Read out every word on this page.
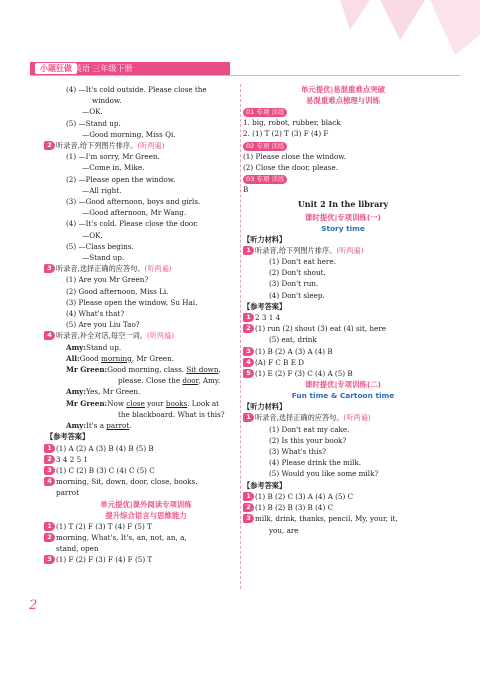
小题狂做 英语 三年级下册
(4) —It's cold outside. Please close the
window.
—OK.
(5) —Stand up.
—Good morning, Miss Qi.
2 听录音,给下列图片排序。(听两遍)
(1) —I'm sorry, Mr Green.
—Come in, Mike.
(2) —Please open the window.
—All right.
(3) —Good afternoon, boys and girls.
—Good afternoon, Mr Wang.
(4) —It's cold. Please close the door.
—OK.
(5) —Class begins.
—Stand up.
3 听录音,选择正确的应答句。(听两遍)
(1) Are you Mr Green?
(2) Good afternoon, Miss Li.
(3) Please open the window, Su Hai.
(4) What's that?
(5) Are you Liu Tao?
4 听录音,补全对话,每空一词。(听两遍)
Amy:Stand up.
All:Good morning, Mr Green.
Mr Green:Good morning, class. Sit down,
please. Close the door, Amy.
Amy:Yes, Mr Green.
Mr Green:Now close your books. Look at
the blackboard. What is this?
Amy:It's a parrot.
【参考答案】
1 (1) A (2) A (3) B (4) B (5) B
2 3 4 2 5 1
3 (1) C (2) B (3) C (4) C (5) C
4 morning, Sit, down, door, close, books,
parrot
单元提优|课外阅读专项训练
提升综合语言与思维能力
1 (1) T (2) F (3) T (4) F (5) T
2 morning, What's, It's, an, not, an, a,
stand, open
3 (1) F (2) F (3) F (4) F (5) T
单元提优|易混重难点突破
易混重难点梳理与训练
01 专项 训练
1. big, robot, rubber, black
2. (1) T (2) T (3) F (4) F
02 专项 训练
(1) Please close the window.
(2) Close the door, please.
03 专项 训练
B
Unit 2 In the library
课时提优|专项训练(一)
Story time
【听力材料】
1 听录音,给下列图片排序。(听两遍)
(1) Don't eat here.
(2) Don't shout.
(3) Don't run.
(4) Don't sleep.
【参考答案】
1 2 3 1 4
2 (1) run (2) shout (3) eat (4) sit, here
(5) eat, drink
3 (1) B (2) A (3) A (4) B
4 (A) F C B E D
5 (1) E (2) F (3) C (4) A (5) B
课时提优|专项训练(二)
Fun time & Cartoon time
【听力材料】
1 听录音,选择正确的应答句。(听两遍)
(1) Don't eat my cake.
(2) Is this your book?
(3) What's this?
(4) Please drink the milk.
(5) Would you like some milk?
【参考答案】
1 (1) B (2) C (3) A (4) A (5) C
2 (1) B (2) B (3) B (4) C
3 milk, drink, thanks, pencil, My, your, it,
you, are
2
